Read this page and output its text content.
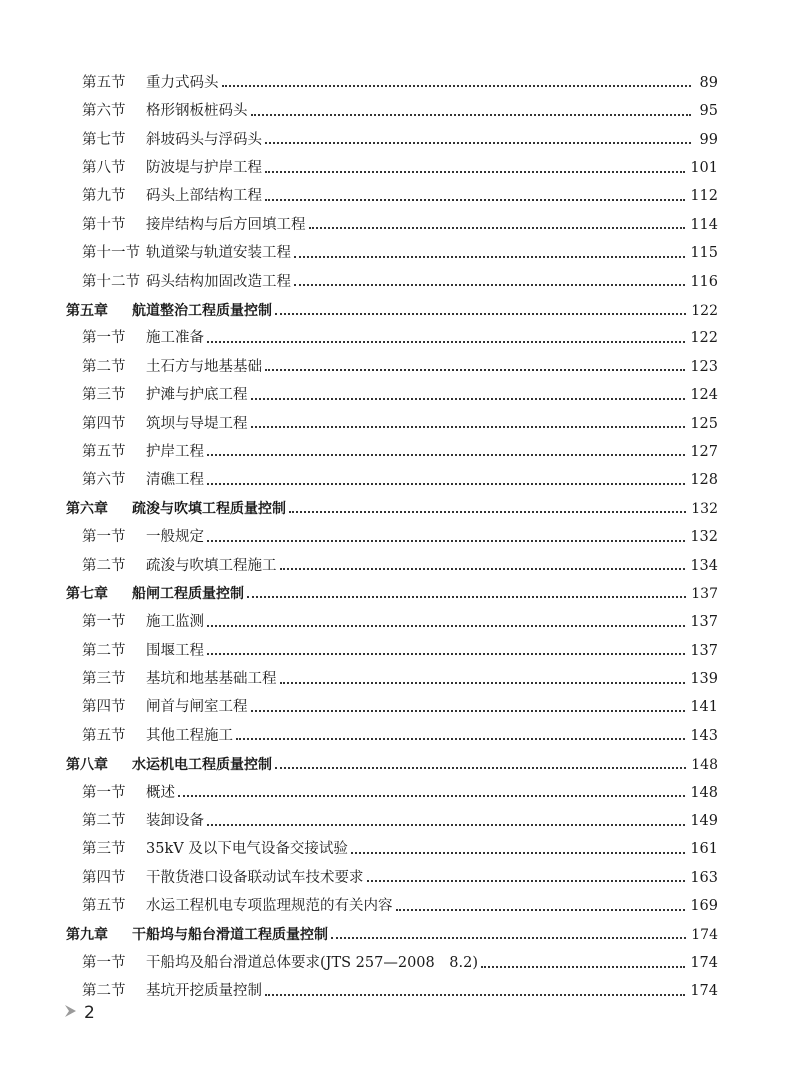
第五节	重力式码头	89
第六节	格形钢板桩码头	95
第七节	斜坡码头与浮码头	99
第八节	防波堤与护岸工程	101
第九节	码头上部结构工程	112
第十节	接岸结构与后方回填工程	114
第十一节 轨道梁与轨道安装工程	115
第十二节 码头结构加固改造工程	116
第五章	航道整治工程质量控制	122
第一节	施工准备	122
第二节	土石方与地基基础	123
第三节	护滩与护底工程	124
第四节	筑坝与导堤工程	125
第五节	护岸工程	127
第六节	清礁工程	128
第六章	疏浚与吹填工程质量控制	132
第一节	一般规定	132
第二节	疏浚与吹填工程施工	134
第七章	船闸工程质量控制	137
第一节	施工监测	137
第二节	围堰工程	137
第三节	基坑和地基基础工程	139
第四节	闸首与闸室工程	141
第五节	其他工程施工	143
第八章	水运机电工程质量控制	148
第一节	概述	148
第二节	装卸设备	149
第三节	35kV 及以下电气设备交接试验	161
第四节	干散货港口设备联动试车技术要求	163
第五节	水运工程机电专项监理规范的有关内容	169
第九章	干船坞与船台滑道工程质量控制	174
第一节	干船坞及船台滑道总体要求(JTS 257—2008　8.2)	174
第二节	基坑开挖质量控制	174
2
